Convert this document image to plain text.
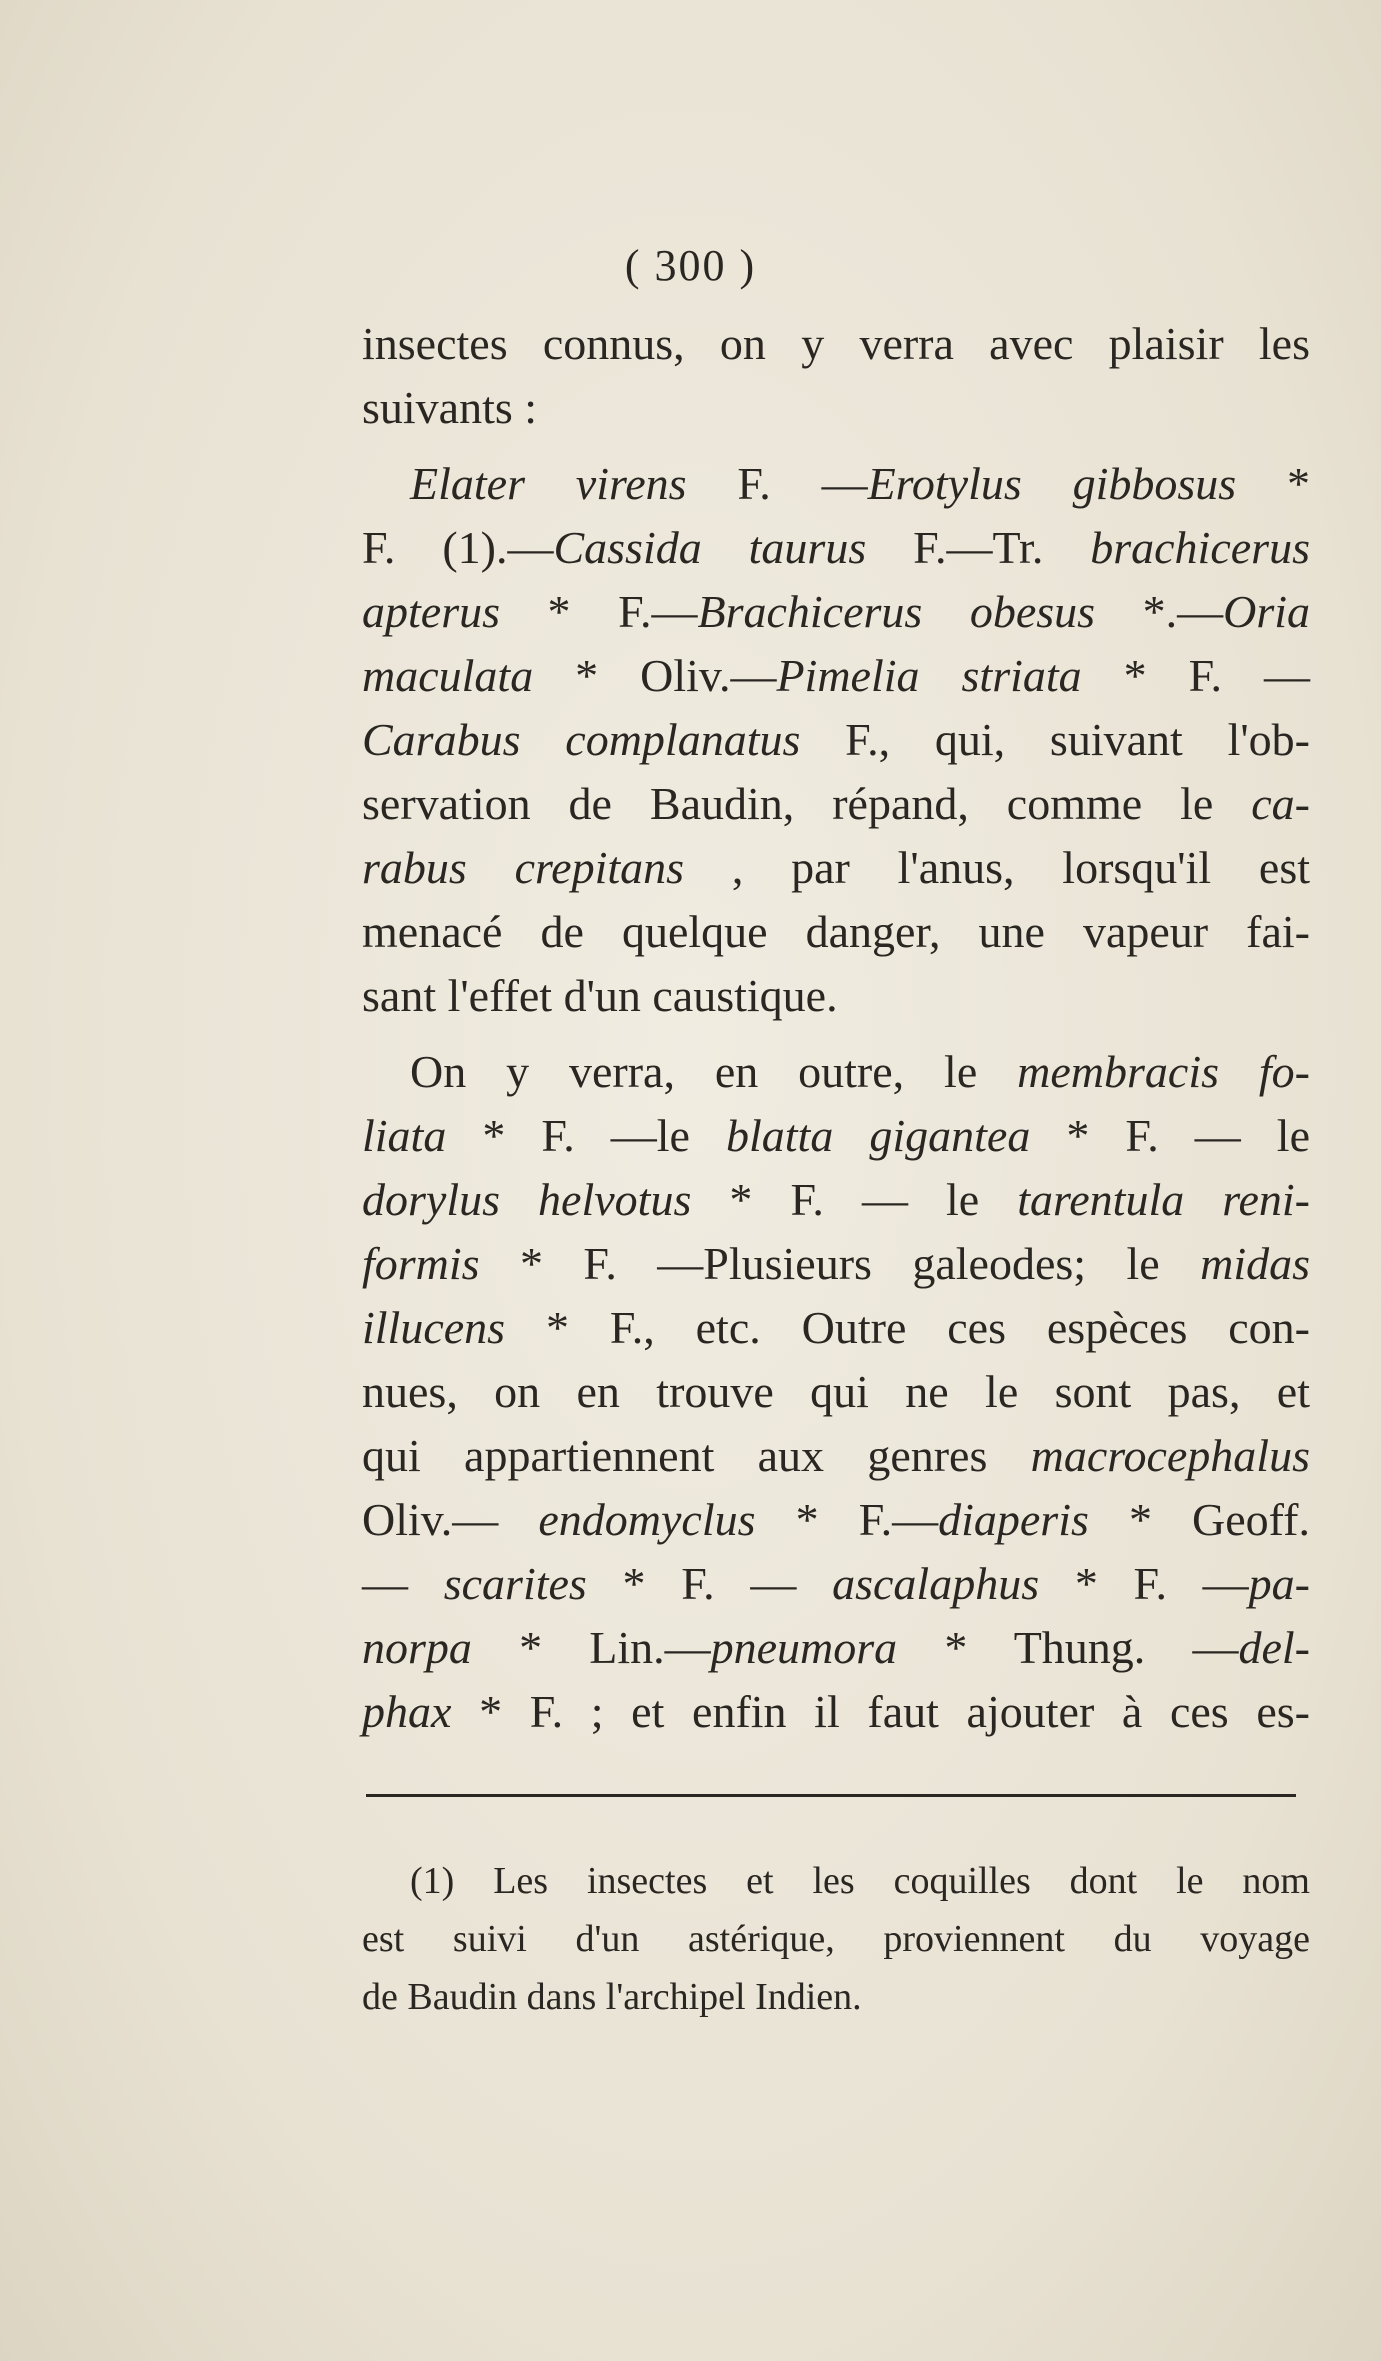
( 300 )
insectes connus, on y verra avec plaisir les
suivants :
Elater virens F. —Erotylus gibbosus *
F. (1).—Cassida taurus F.—Tr. brachicerus
apterus * F.—Brachicerus obesus *.—Oria
maculata * Oliv.—Pimelia striata * F. —
Carabus complanatus F., qui, suivant l'ob-
servation de Baudin, répand, comme le ca-
rabus crepitans , par l'anus, lorsqu'il est
menacé de quelque danger, une vapeur fai-
sant l'effet d'un caustique.
On y verra, en outre, le membracis fo-
liata * F. —le blatta gigantea * F. — le
dorylus helvotus * F. — le tarentula reni-
formis * F. —Plusieurs galeodes; le midas
illucens * F., etc. Outre ces espèces con-
nues, on en trouve qui ne le sont pas, et
qui appartiennent aux genres macrocephalus
Oliv.— endomyclus * F.—diaperis * Geoff.
— scarites * F. — ascalaphus * F. —pa-
norpa * Lin.—pneumora * Thung. —del-
phax * F. ; et enfin il faut ajouter à ces es-
(1) Les insectes et les coquilles dont le nom
est suivi d'un astérique, proviennent du voyage
de Baudin dans l'archipel Indien.
